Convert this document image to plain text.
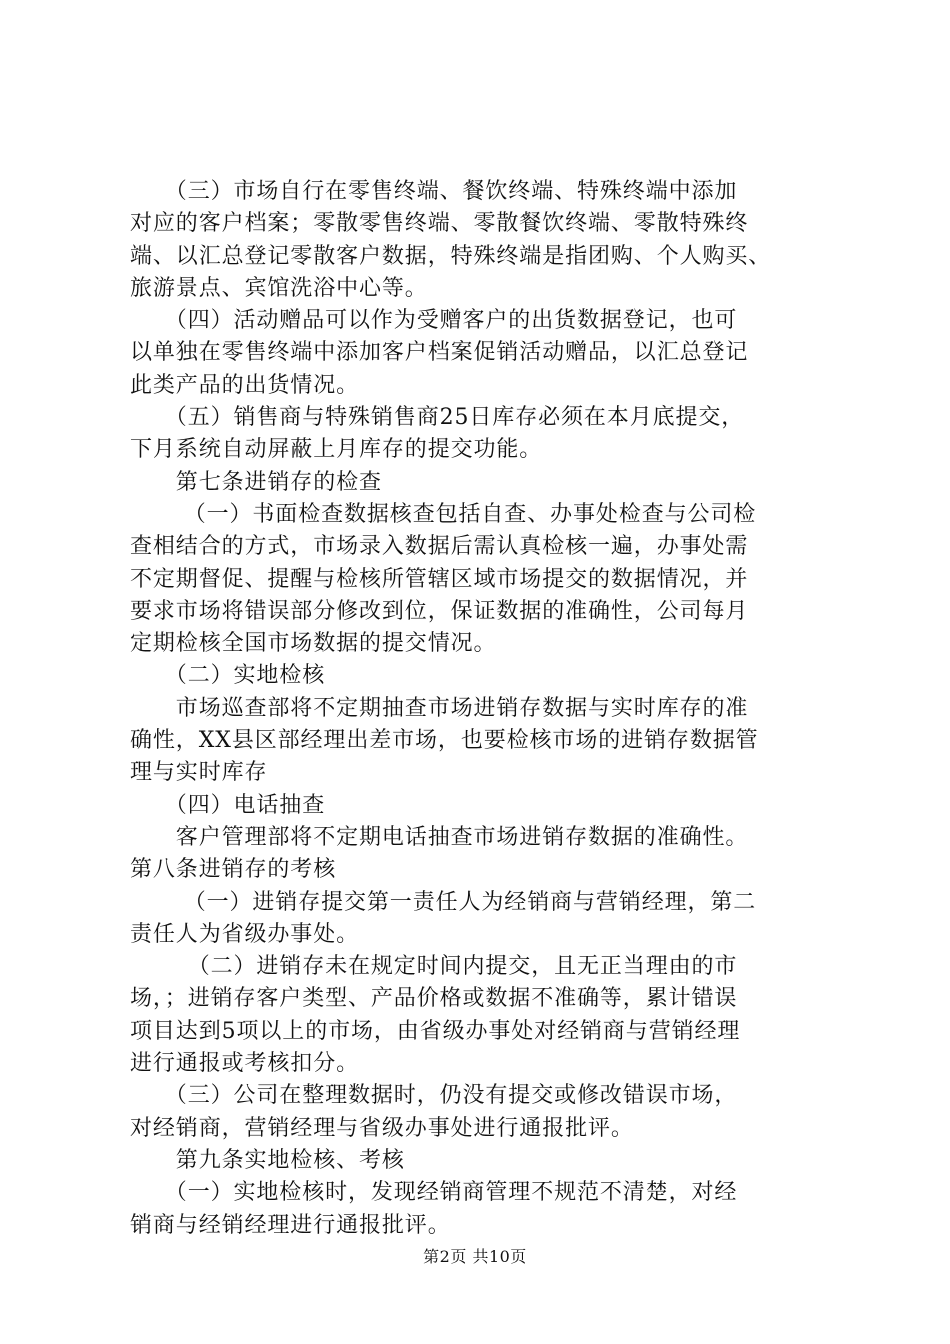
　　（三）市场自行在零售终端、餐饮终端、特殊终端中添加
对应的客户档案；零散零售终端、零散餐饮终端、零散特殊终
端、以汇总登记零散客户数据，特殊终端是指团购、个人购买、
旅游景点、宾馆洗浴中心等。
　　（四）活动赠品可以作为受赠客户的出货数据登记，也可
以单独在零售终端中添加客户档案促销活动赠品，以汇总登记
此类产品的出货情况。
　　（五）销售商与特殊销售商25日库存必须在本月底提交，
下月系统自动屏蔽上月库存的提交功能。
　　第七条进销存的检查
　　 （一）书面检查数据核查包括自查、办事处检查与公司检
查相结合的方式，市场录入数据后需认真检核一遍，办事处需
不定期督促、提醒与检核所管辖区域市场提交的数据情况，并
要求市场将错误部分修改到位，保证数据的准确性，公司每月
定期检核全国市场数据的提交情况。
　　（二）实地检核
　　市场巡查部将不定期抽查市场进销存数据与实时库存的准
确性，XX县区部经理出差市场，也要检核市场的进销存数据管
理与实时库存
　　（四）电话抽查
　　客户管理部将不定期电话抽查市场进销存数据的准确性。
第八条进销存的考核
　　 （一）进销存提交第一责任人为经销商与营销经理，第二
责任人为省级办事处。
　　　（二）进销存未在规定时间内提交，且无正当理由的市
场，；进销存客户类型、产品价格或数据不准确等，累计错误
项目达到5项以上的市场，由省级办事处对经销商与营销经理
进行通报或考核扣分。
　　（三）公司在整理数据时，仍没有提交或修改错误市场，
对经销商，营销经理与省级办事处进行通报批评。
　　第九条实地检核、考核
　　（一）实地检核时，发现经销商管理不规范不清楚，对经
销商与经销经理进行通报批评。
第2页 共10页
